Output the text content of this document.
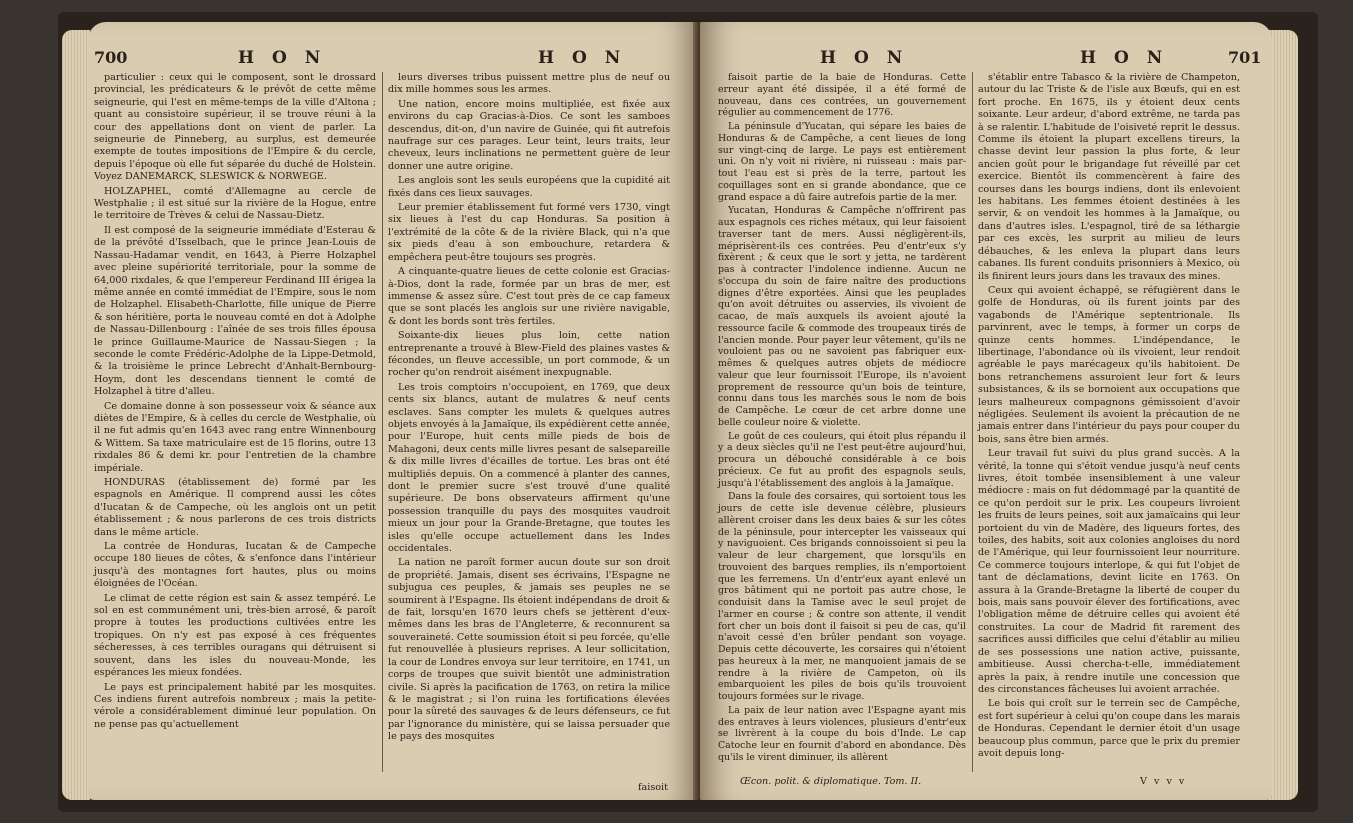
700	H O N	H O N

particulier : ceux qui le composent, sont le drossard provincial, les prédicateurs & le prévôt de cette même seigneurie, qui l'est en même-temps de la ville d'Altona ; quant au consistoire supérieur, il se trouve réuni à la cour des appellations dont on vient de parler. La seigneurie de Pinneberg, au surplus, est demeurée exempte de toutes impositions de l'Empire & du cercle, depuis l'époque où elle fut séparée du duché de Holstein. Voyez DANEMARCK, SLESWICK & NORWEGE.

HOLZAPHEL, comté d'Allemagne au cercle de Westphalie ; il est situé sur la rivière de la Hogue, entre le territoire de Trèves & celui de Nassau-Dietz.

Il est composé de la seigneurie immédiate d'Esterau & de la prévôté d'Isselbach, que le prince Jean-Louis de Nassau-Hadamar vendit, en 1643, à Pierre Holzaphel avec pleine supériorité territoriale, pour la somme de 64,000 rixdales, & que l'empereur Ferdinand III érigea la même année en comté immédiat de l'Empire, sous le nom de Holzaphel. Elisabeth-Charlotte, fille unique de Pierre & son héritière, porta le nouveau comté en dot à Adolphe de Nassau-Dillenbourg : l'aînée de ses trois filles épousa le prince Guillaume-Maurice de Nassau-Siegen ; la seconde le comte Frédéric-Adolphe de la Lippe-Detmold, & la troisième le prince Lebrecht d'Anhalt-Bernbourg-Hoym, dont les descendans tiennent le comté de Holzaphel à titre d'alleu.

Ce domaine donne à son possesseur voix & séance aux diètes de l'Empire, & à celles du cercle de Westphalie, où il ne fut admis qu'en 1643 avec rang entre Winnenbourg & Wittem. Sa taxe matriculaire est de 15 florins, outre 13 rixdales 86 & demi kr. pour l'entretien de la chambre impériale.

HONDURAS (établissement de) formé par les espagnols en Amérique. Il comprend aussi les côtes d'Iucatan & de Campeche, où les anglois ont un petit établissement ; & nous parlerons de ces trois districts dans le même article.

La contrée de Honduras, Iucatan & de Campeche occupe 180 lieues de côtes, & s'enfonce dans l'intérieur jusqu'à des montagnes fort hautes, plus ou moins éloignées de l'Océan.

Le climat de cette région est sain & assez tempéré. Le sol en est communément uni, très-bien arrosé, & paroît propre à toutes les productions cultivées entre les tropiques. On n'y est pas exposé à ces fréquentes sécheresses, à ces terribles ouragans qui détruisent si souvent, dans les isles du nouveau-Monde, les espérances les mieux fondées.

Le pays est principalement habité par les mosquites. Ces indiens furent autrefois nombreux ; mais la petite-vérole a considérablement diminué leur population. On ne pense pas qu'actuellement

leurs diverses tribus puissent mettre plus de neuf ou dix mille hommes sous les armes.

Une nation, encore moins multipliée, est fixée aux environs du cap Gracias-à-Dios. Ce sont les samboes descendus, dit-on, d'un navire de Guinée, qui fit autrefois naufrage sur ces parages. Leur teint, leurs traits, leur cheveux, leurs inclinations ne permettent guère de leur donner une autre origine.

Les anglois sont les seuls européens que la cupidité ait fixés dans ces lieux sauvages.

Leur premier établissement fut formé vers 1730, vingt six lieues à l'est du cap Honduras. Sa position à l'extrémité de la côte & de la rivière Black, qui n'a que six pieds d'eau à son embouchure, retardera & empêchera peut-être toujours ses progrès.

A cinquante-quatre lieues de cette colonie est Gracias-à-Dios, dont la rade, formée par un bras de mer, est immense & assez sûre. C'est tout près de ce cap fameux que se sont placés les anglois sur une rivière navigable, & dont les bords sont très fertiles.

Soixante-dix lieues plus loin, cette nation entreprenante a trouvé à Blew-Field des plaines vastes & fécondes, un fleuve accessible, un port commode, & un rocher qu'on rendroit aisément inexpugnable.

Les trois comptoirs n'occupoient, en 1769, que deux cents six blancs, autant de mulatres & neuf cents esclaves. Sans compter les mulets & quelques autres objets envoyés à la Jamaïque, ils expédièrent cette année, pour l'Europe, huit cents mille pieds de bois de Mahagoni, deux cents mille livres pesant de salsepareille & dix mille livres d'écailles de tortue. Les bras ont été multipliés depuis. On a commencé à planter des cannes, dont le premier sucre s'est trouvé d'une qualité supérieure. De bons observateurs affirment qu'une possession tranquille du pays des mosquites vaudroit mieux un jour pour la Grande-Bretagne, que toutes les isles qu'elle occupe actuellement dans les Indes occidentales.

La nation ne paroît former aucun doute sur son droit de propriété. Jamais, disent ses écrivains, l'Espagne ne subjugua ces peuples, & jamais ses peuples ne se soumirent à l'Espagne. Ils étoient indépendans de droit & de fait, lorsqu'en 1670 leurs chefs se jettèrent d'eux-mêmes dans les bras de l'Angleterre, & reconnurent sa souveraineté. Cette soumission étoit si peu forcée, qu'elle fut renouvellée à plusieurs reprises. A leur sollicitation, la cour de Londres envoya sur leur territoire, en 1741, un corps de troupes que suivit bientôt une administration civile. Si après la pacification de 1763, on retira la milice & le magistrat ; si l'on ruina les fortifications élevées pour la sûreté des sauvages & de leurs défenseurs, ce fut par l'ignorance du ministère, qui se laissa persuader que le pays des mosquites

faisoit
H O N	H O N	701

faisoit partie de la baie de Honduras. Cette erreur ayant été dissipée, il a été formé de nouveau, dans ces contrées, un gouvernement régulier au commencement de 1776.

La péninsule d'Yucatan, qui sépare les baies de Honduras & de Campêche, a cent lieues de long sur vingt-cinq de large. Le pays est entièrement uni. On n'y voit ni rivière, ni ruisseau : mais par-tout l'eau est si près de la terre, partout les coquillages sont en si grande abondance, que ce grand espace a dû faire autrefois partie de la mer.

Yucatan, Honduras & Campêche n'offrirent pas aux espagnols ces riches métaux, qui leur faisoient traverser tant de mers. Aussi négligèrent-ils, méprisèrent-ils ces contrées. Peu d'entr'eux s'y fixèrent ; & ceux que le sort y jetta, ne tardèrent pas à contracter l'indolence indienne. Aucun ne s'occupa du soin de faire naître des productions dignes d'être exportées. Ainsi que les peuplades qu'on avoit détruites ou asservies, ils vivoient de cacao, de maïs auxquels ils avoient ajouté la ressource facile & commode des troupeaux tirés de l'ancien monde. Pour payer leur vêtement, qu'ils ne vouloient pas ou ne savoient pas fabriquer eux-mêmes & quelques autres objets de médiocre valeur que leur fournissoit l'Europe, ils n'avoient proprement de ressource qu'un bois de teinture, connu dans tous les marchés sous le nom de bois de Campêche. Le cœur de cet arbre donne une belle couleur noire & violette.

Le goût de ces couleurs, qui étoit plus répandu il y a deux siècles qu'il ne l'est peut-être aujourd'hui, procura un débouché considérable à ce bois précieux. Ce fut au profit des espagnols seuls, jusqu'à l'établissement des anglois à la Jamaïque.

Dans la foule des corsaires, qui sortoient tous les jours de cette isle devenue célèbre, plusieurs allèrent croiser dans les deux baies & sur les côtes de la péninsule, pour intercepter les vaisseaux qui y naviguoient. Ces brigands connoissoient si peu la valeur de leur chargement, que lorsqu'ils en trouvoient des barques remplies, ils n'emportoient que les ferremens. Un d'entr'eux ayant enlevé un gros bâtiment qui ne portoit pas autre chose, le conduisit dans la Tamise avec le seul projet de l'armer en course ; & contre son attente, il vendit fort cher un bois dont il faisoit si peu de cas, qu'il n'avoit cessé d'en brûler pendant son voyage. Depuis cette découverte, les corsaires qui n'étoient pas heureux à la mer, ne manquoient jamais de se rendre à la rivière de Campeton, où ils embarquoient les piles de bois qu'ils trouvoient toujours formées sur le rivage.

La paix de leur nation avec l'Espagne ayant mis des entraves à leurs violences, plusieurs d'entr'eux se livrèrent à la coupe du bois d'Inde. Le cap Catoche leur en fournit d'abord en abondance. Dès qu'ils le virent diminuer, ils allèrent

s'établir entre Tabasco & la rivière de Champeton, autour du lac Triste & de l'isle aux Bœufs, qui en est fort proche. En 1675, ils y étoient deux cents soixante. Leur ardeur, d'abord extrême, ne tarda pas à se ralentir. L'habitude de l'oisiveté reprit le dessus. Comme ils étoient la plupart excellens tireurs, la chasse devint leur passion la plus forte, & leur ancien goût pour le brigandage fut réveillé par cet exercice. Bientôt ils commencèrent à faire des courses dans les bourgs indiens, dont ils enlevoient les habitans. Les femmes étoient destinées à les servir, & on vendoit les hommes à la Jamaïque, ou dans d'autres isles. L'espagnol, tiré de sa léthargie par ces excès, les surprit au milieu de leurs débauches, & les enleva la plupart dans leurs cabanes. Ils furent conduits prisonniers à Mexico, où ils finirent leurs jours dans les travaux des mines.

Ceux qui avoient échappé, se réfugièrent dans le golfe de Honduras, où ils furent joints par des vagabonds de l'Amérique septentrionale. Ils parvinrent, avec le temps, à former un corps de quinze cents hommes. L'indépendance, le libertinage, l'abondance où ils vivoient, leur rendoit agréable le pays marécageux qu'ils habitoient. De bons retranchemens assuroient leur fort & leurs subsistances, & ils se bornoient aux occupations que leurs malheureux compagnons gémissoient d'avoir négligées. Seulement ils avoient la précaution de ne jamais entrer dans l'intérieur du pays pour couper du bois, sans être bien armés.

Leur travail fut suivi du plus grand succès. A la vérité, la tonne qui s'étoit vendue jusqu'à neuf cents livres, étoit tombée insensiblement à une valeur médiocre : mais on fut dédommagé par la quantité de ce qu'on perdoit sur le prix. Les coupeurs livroient les fruits de leurs peines, soit aux jamaïcains qui leur portoient du vin de Madère, des liqueurs fortes, des toiles, des habits, soit aux colonies angloises du nord de l'Amérique, qui leur fournissoient leur nourriture. Ce commerce toujours interlope, & qui fut l'objet de tant de déclamations, devint licite en 1763. On assura à la Grande-Bretagne la liberté de couper du bois, mais sans pouvoir élever des fortifications, avec l'obligation même de détruire celles qui avoient été construites. La cour de Madrid fit rarement des sacrifices aussi difficiles que celui d'établir au milieu de ses possessions une nation active, puissante, ambitieuse. Aussi chercha-t-elle, immédiatement après la paix, à rendre inutile une concession que des circonstances fâcheuses lui avoient arrachée.

Le bois qui croît sur le terrein sec de Campêche, est fort supérieur à celui qu'on coupe dans les marais de Honduras. Cependant le dernier étoit d'un usage beaucoup plus commun, parce que le prix du premier avoit depuis long-

Œcon. polit. & diplomatique. Tom. II.	V v v v
